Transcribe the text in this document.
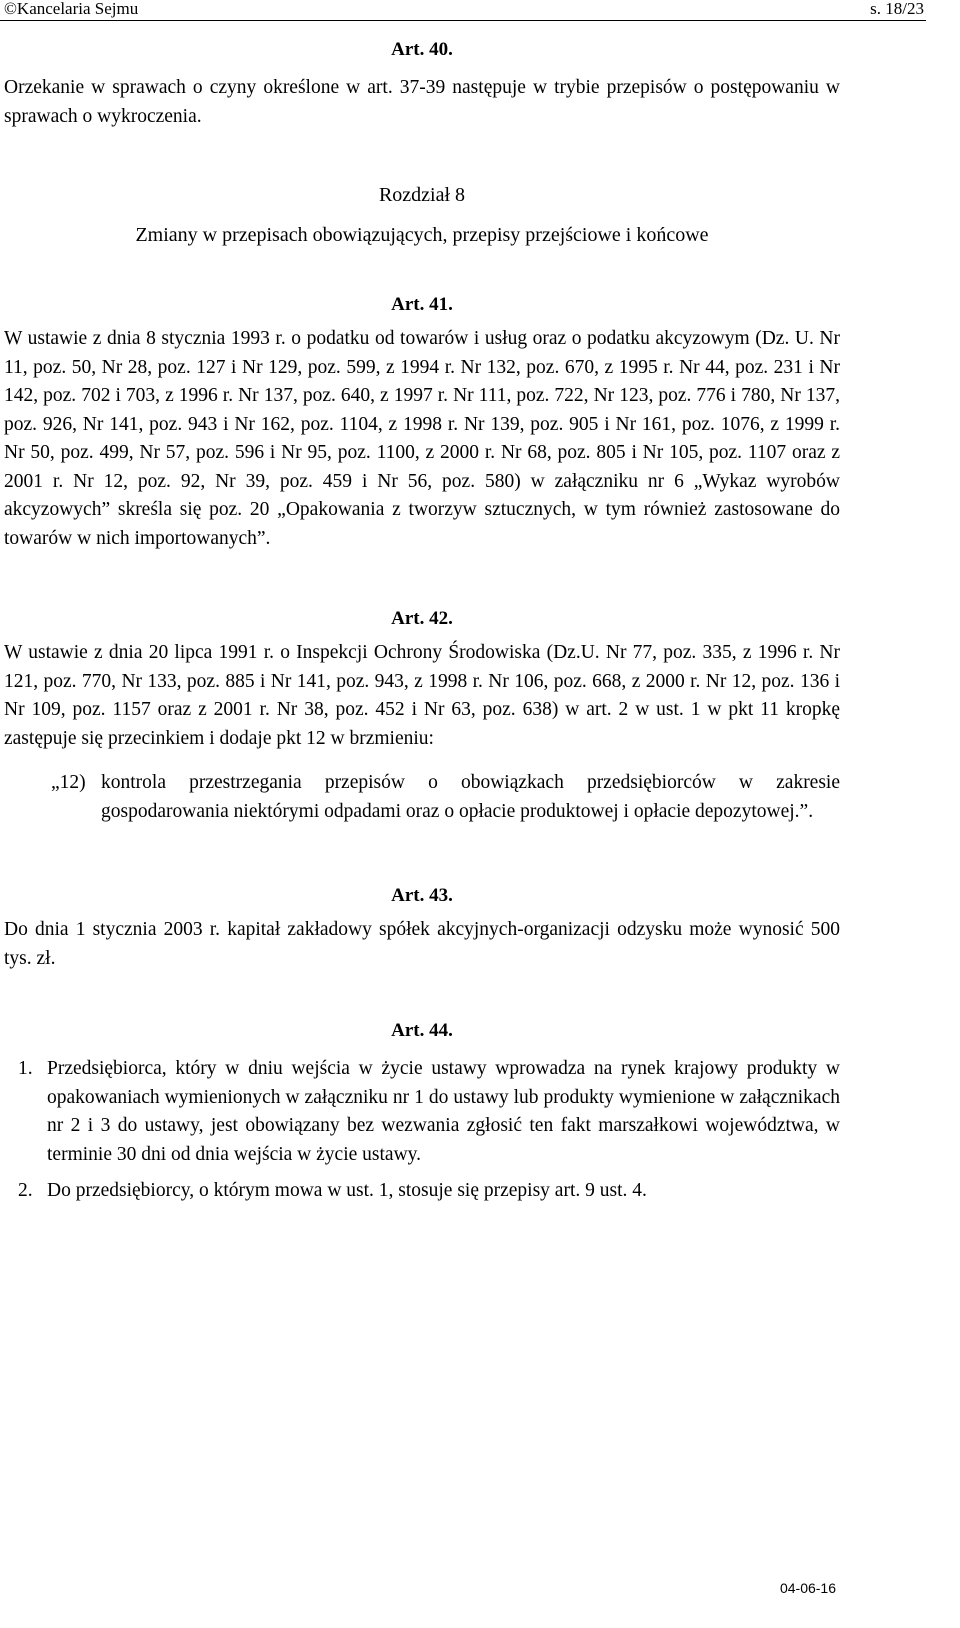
©Kancelaria Sejmu	s. 18/23
Art. 40.

Orzekanie w sprawach o czyny określone w art. 37-39 następuje w trybie przepisów o postępowaniu w sprawach o wykroczenia.

Rozdział 8
Zmiany w przepisach obowiązujących, przepisy przejściowe i końcowe
Art. 41.

W ustawie z dnia 8 stycznia 1993 r. o podatku od towarów i usług oraz o podatku akcyzowym (Dz. U. Nr 11, poz. 50, Nr 28, poz. 127 i Nr 129, poz. 599, z 1994 r. Nr 132, poz. 670, z 1995 r. Nr 44, poz. 231 i Nr 142, poz. 702 i 703, z 1996 r. Nr 137, poz. 640, z 1997 r. Nr 111, poz. 722, Nr 123, poz. 776 i 780, Nr 137, poz. 926, Nr 141, poz. 943 i Nr 162, poz. 1104, z 1998 r. Nr 139, poz. 905 i Nr 161, poz. 1076, z 1999 r. Nr 50, poz. 499, Nr 57, poz. 596 i Nr 95, poz. 1100, z 2000 r. Nr 68, poz. 805 i Nr 105, poz. 1107 oraz z 2001 r. Nr 12, poz. 92, Nr 39, poz. 459 i Nr 56, poz. 580) w załączniku nr 6 „Wykaz wyrobów akcyzowych” skreśla się poz. 20 „Opakowania z tworzyw sztucznych, w tym również zastosowane do towarów w nich importowanych”.

Art. 42.

W ustawie z dnia 20 lipca 1991 r. o Inspekcji Ochrony Środowiska (Dz.U. Nr 77, poz. 335, z 1996 r. Nr 121, poz. 770, Nr 133, poz. 885 i Nr 141, poz. 943, z 1998 r. Nr 106, poz. 668, z 2000 r. Nr 12, poz. 136 i Nr 109, poz. 1157 oraz z 2001 r. Nr 38, poz. 452 i Nr 63, poz. 638) w art. 2 w ust. 1 w pkt 11 kropkę zastępuje się przecinkiem i dodaje pkt 12 w brzmieniu:

„12) kontrola przestrzegania przepisów o obowiązkach przedsiębiorców w zakresie gospodarowania niektórymi odpadami oraz o opłacie produktowej i opłacie depozytowej.”.
Art. 43.

Do dnia 1 stycznia 2003 r. kapitał zakładowy spółek akcyjnych-organizacji odzysku może wynosić 500 tys. zł.

Art. 44.
1. Przedsiębiorca, który w dniu wejścia w życie ustawy wprowadza na rynek krajowy produkty w opakowaniach wymienionych w załączniku nr 1 do ustawy lub produkty wymienione w załącznikach nr 2 i 3 do ustawy, jest obowiązany bez wezwania zgłosić ten fakt marszałkowi województwa, w terminie 30 dni od dnia wejścia w życie ustawy.
2. Do przedsiębiorcy, o którym mowa w ust. 1, stosuje się przepisy art. 9 ust. 4.
04-06-16
